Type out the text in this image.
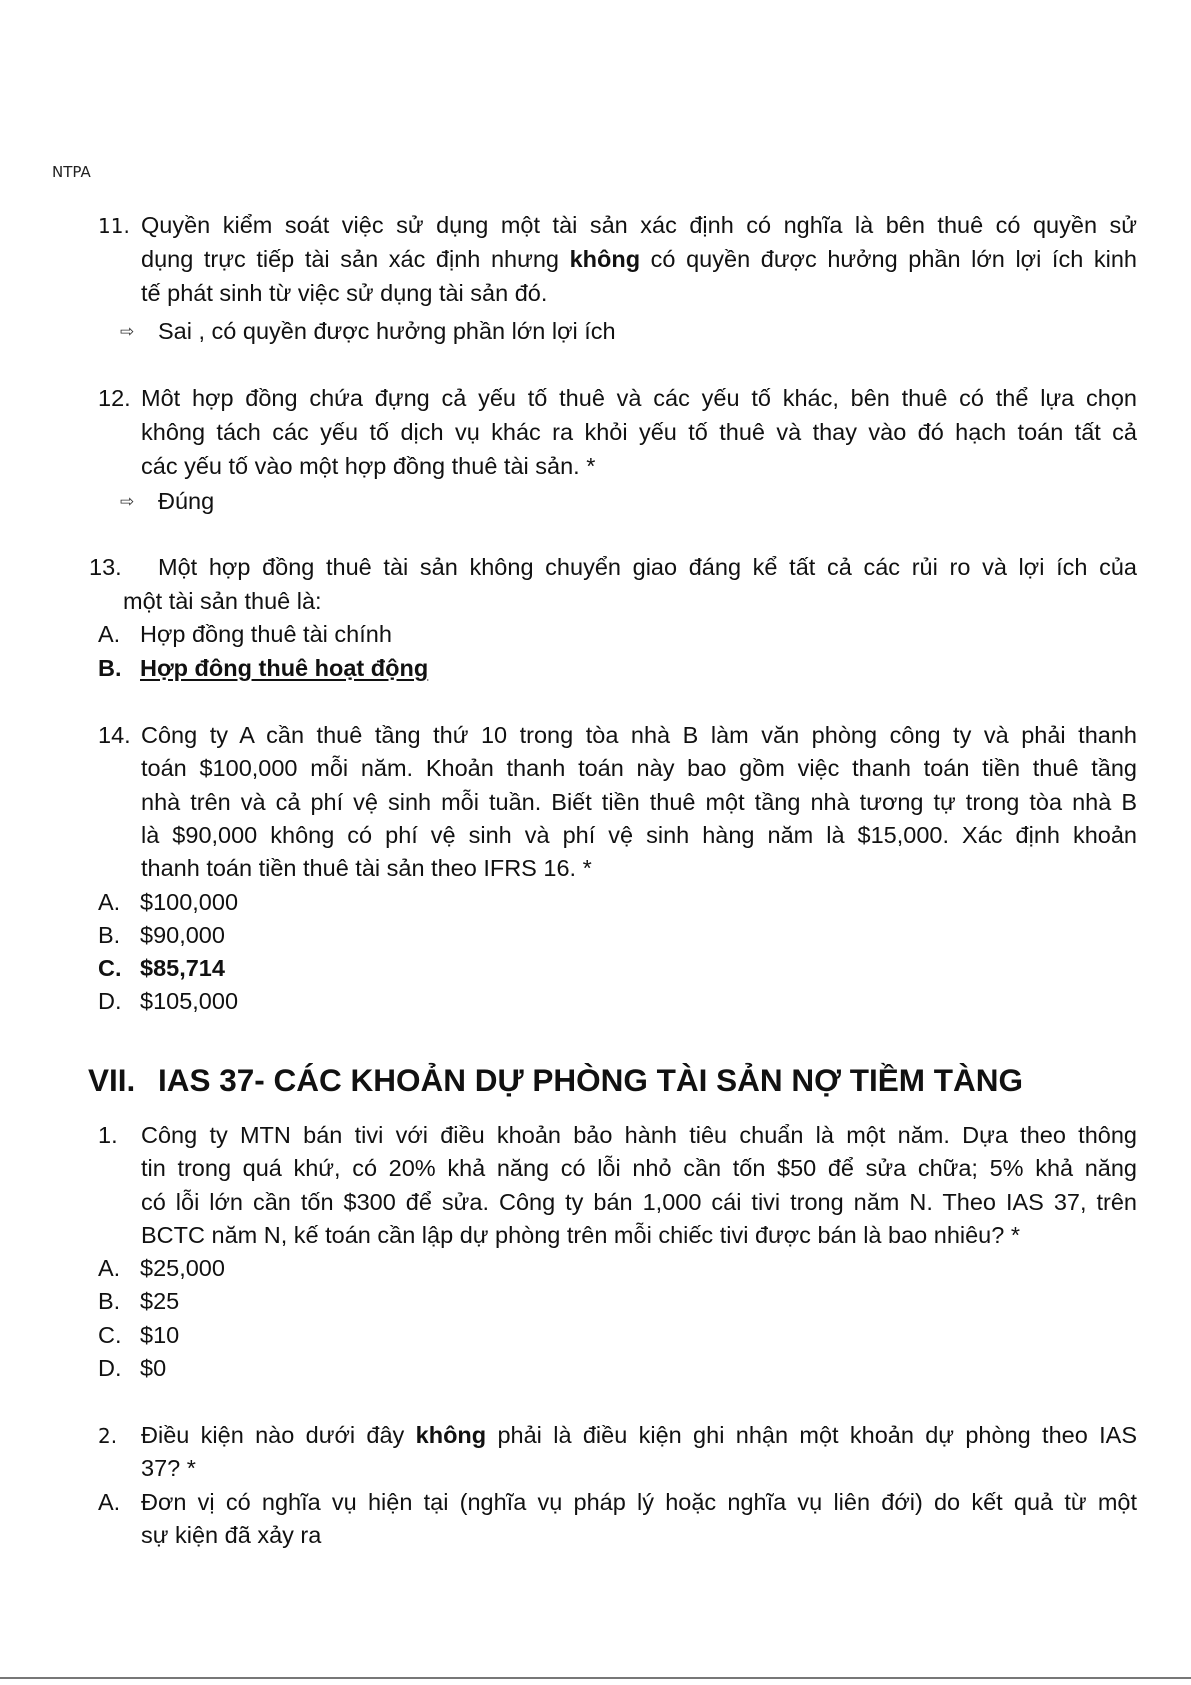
NTPA
11. Quyền kiểm soát việc sử dụng một tài sản xác định có nghĩa là bên thuê có quyền sử
dụng trực tiếp tài sản xác định nhưng không có quyền được hưởng phần lớn lợi ích kinh
tế phát sinh từ việc sử dụng tài sản đó.
⇨ Sai , có quyền được hưởng phần lớn lợi ích
12. Môt hợp đồng chứa đựng cả yếu tố thuê và các yếu tố khác, bên thuê có thể lựa chọn
không tách các yếu tố dịch vụ khác ra khỏi yếu tố thuê và thay vào đó hạch toán tất cả
các yếu tố vào một hợp đồng thuê tài sản. *
⇨ Đúng
13. Một hợp đồng thuê tài sản không chuyển giao đáng kể tất cả các rủi ro và lợi ích của
một tài sản thuê là:
A. Hợp đồng thuê tài chính
B. Hợp đông thuê hoạt động
14. Công ty A cần thuê tầng thứ 10 trong tòa nhà B làm văn phòng công ty và phải thanh
toán $100,000 mỗi năm. Khoản thanh toán này bao gồm việc thanh toán tiền thuê tầng
nhà trên và cả phí vệ sinh mỗi tuần. Biết tiền thuê một tầng nhà tương tự trong tòa nhà B
là $90,000 không có phí vệ sinh và phí vệ sinh hàng năm là $15,000. Xác định khoản
thanh toán tiền thuê tài sản theo IFRS 16. *
A. $100,000
B. $90,000
C. $85,714
D. $105,000
VII. IAS 37- CÁC KHOẢN DỰ PHÒNG TÀI SẢN NỢ TIỀM TÀNG
1. Công ty MTN bán tivi với điều khoản bảo hành tiêu chuẩn là một năm. Dựa theo thông
tin trong quá khứ, có 20% khả năng có lỗi nhỏ cần tốn $50 để sửa chữa; 5% khả năng
có lỗi lớn cần tốn $300 để sửa. Công ty bán 1,000 cái tivi trong năm N. Theo IAS 37, trên
BCTC năm N, kế toán cần lập dự phòng trên mỗi chiếc tivi được bán là bao nhiêu? *
A. $25,000
B. $25
C. $10
D. $0
2. Điều kiện nào dưới đây không phải là điều kiện ghi nhận một khoản dự phòng theo IAS
37? *
A. Đơn vị có nghĩa vụ hiện tại (nghĩa vụ pháp lý hoặc nghĩa vụ liên đới) do kết quả từ một
sự kiện đã xảy ra
